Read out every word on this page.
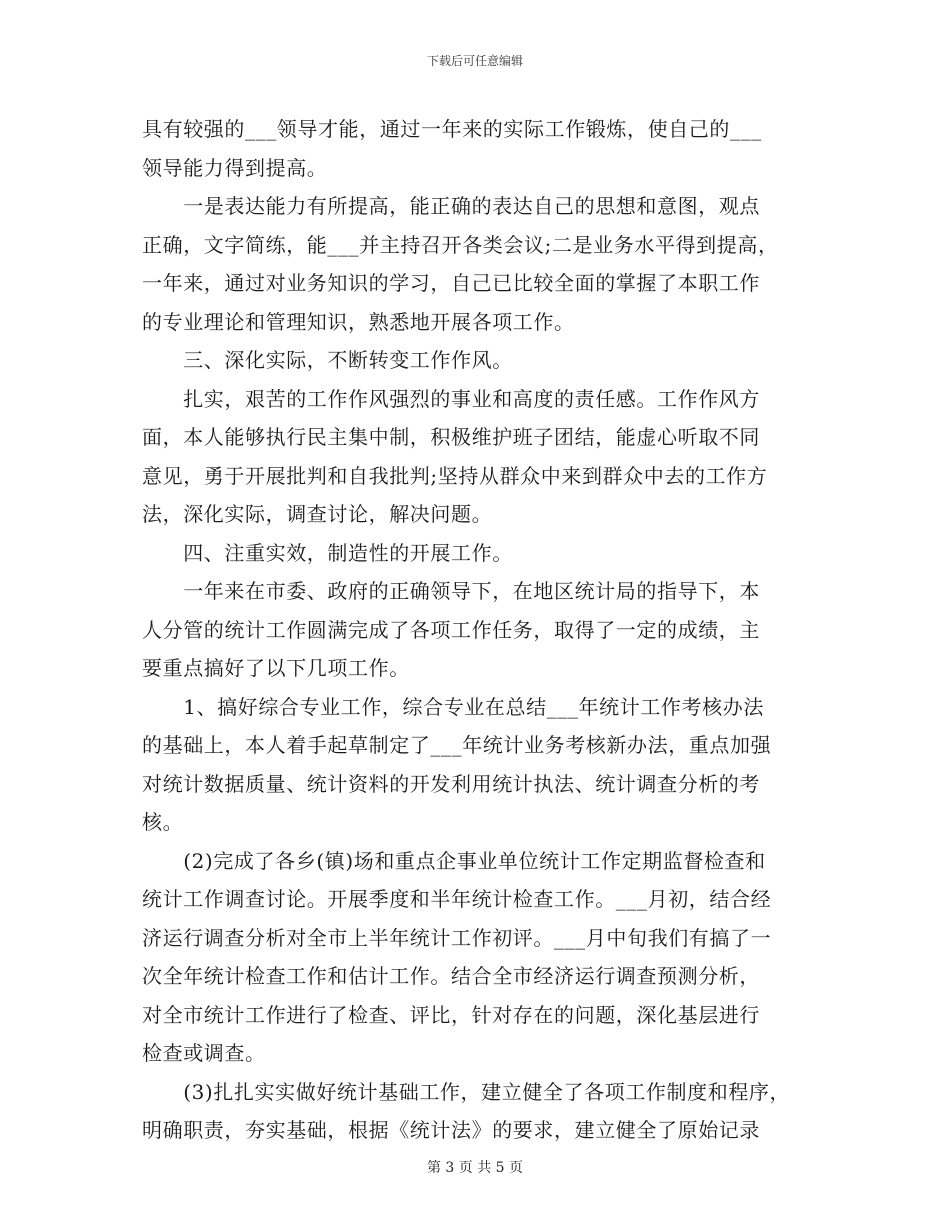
下载后可任意编辑
具有较强的___领导才能，通过一年来的实际工作锻炼，使自己的___
领导能力得到提高。
　　一是表达能力有所提高，能正确的表达自己的思想和意图，观点
正确，文字简练，能___并主持召开各类会议;二是业务水平得到提高，
一年来，通过对业务知识的学习，自己已比较全面的掌握了本职工作
的专业理论和管理知识，熟悉地开展各项工作。
　　三、深化实际，不断转变工作作风。
　　扎实，艰苦的工作作风强烈的事业和高度的责任感。工作作风方
面，本人能够执行民主集中制，积极维护班子团结，能虚心听取不同
意见，勇于开展批判和自我批判;坚持从群众中来到群众中去的工作方
法，深化实际，调查讨论，解决问题。
　　四、注重实效，制造性的开展工作。
　　一年来在市委、政府的正确领导下，在地区统计局的指导下，本
人分管的统计工作圆满完成了各项工作任务，取得了一定的成绩，主
要重点搞好了以下几项工作。
　　1、搞好综合专业工作，综合专业在总结___年统计工作考核办法
的基础上，本人着手起草制定了___年统计业务考核新办法，重点加强
对统计数据质量、统计资料的开发利用统计执法、统计调查分析的考
核。
　　(2)完成了各乡(镇)场和重点企事业单位统计工作定期监督检查和
统计工作调查讨论。开展季度和半年统计检查工作。___月初，结合经
济运行调查分析对全市上半年统计工作初评。___月中旬我们有搞了一
次全年统计检查工作和估计工作。结合全市经济运行调查预测分析，
对全市统计工作进行了检查、评比，针对存在的问题，深化基层进行
检查或调查。
　　(3)扎扎实实做好统计基础工作，建立健全了各项工作制度和程序，
明确职责，夯实基础，根据《统计法》的要求，建立健全了原始记录
第 3 页 共 5 页
